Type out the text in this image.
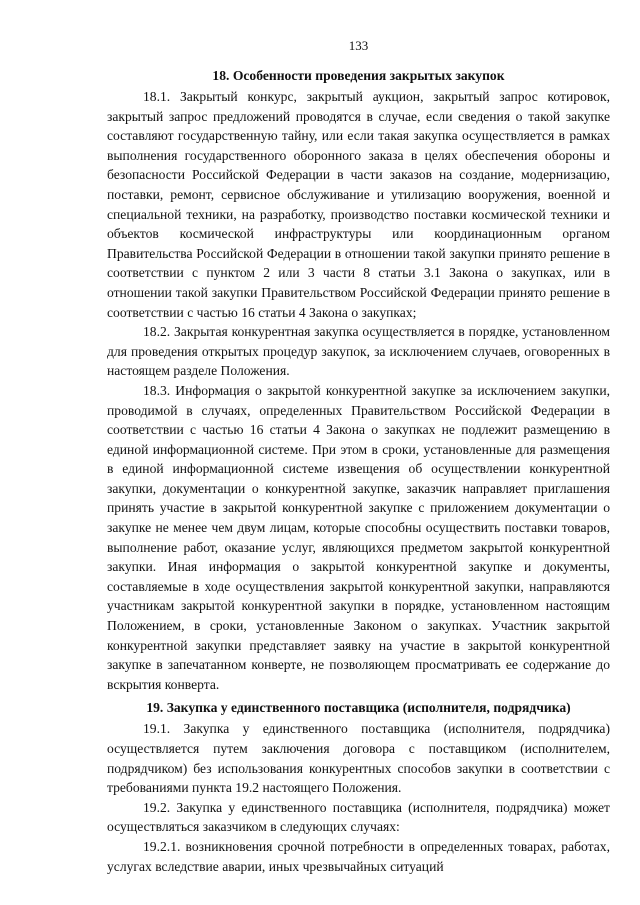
133
18. Особенности проведения закрытых закупок

18.1. Закрытый конкурс, закрытый аукцион, закрытый запрос котировок, закрытый запрос предложений проводятся в случае, если сведения о такой закупке составляют государственную тайну, или если такая закупка осуществляется в рамках выполнения государственного оборонного заказа в целях обеспечения обороны и безопасности Российской Федерации в части заказов на создание, модернизацию, поставки, ремонт, сервисное обслуживание и утилизацию вооружения, военной и специальной техники, на разработку, производство поставки космической техники и объектов космической инфраструктуры или координационным органом Правительства Российской Федерации в отношении такой закупки принято решение в соответствии с пунктом 2 или 3 части 8 статьи 3.1 Закона о закупках, или в отношении такой закупки Правительством Российской Федерации принято решение в соответствии с частью 16 статьи 4 Закона о закупках;

18.2. Закрытая конкурентная закупка осуществляется в порядке, установленном для проведения открытых процедур закупок, за исключением случаев, оговоренных в настоящем разделе Положения.

18.3. Информация о закрытой конкурентной закупке за исключением закупки, проводимой в случаях, определенных Правительством Российской Федерации в соответствии с частью 16 статьи 4 Закона о закупках не подлежит размещению в единой информационной системе. При этом в сроки, установленные для размещения в единой информационной системе извещения об осуществлении конкурентной закупки, документации о конкурентной закупке, заказчик направляет приглашения принять участие в закрытой конкурентной закупке с приложением документации о закупке не менее чем двум лицам, которые способны осуществить поставки товаров, выполнение работ, оказание услуг, являющихся предметом закрытой конкурентной закупки. Иная информация о закрытой конкурентной закупке и документы, составляемые в ходе осуществления закрытой конкурентной закупки, направляются участникам закрытой конкурентной закупки в порядке, установленном настоящим Положением, в сроки, установленные Законом о закупках. Участник закрытой конкурентной закупки представляет заявку на участие в закрытой конкурентной закупке в запечатанном конверте, не позволяющем просматривать ее содержание до вскрытия конверта.

19. Закупка у единственного поставщика (исполнителя, подрядчика)

19.1. Закупка у единственного поставщика (исполнителя, подрядчика) осуществляется путем заключения договора с поставщиком (исполнителем, подрядчиком) без использования конкурентных способов закупки в соответствии с требованиями пункта 19.2 настоящего Положения.

19.2. Закупка у единственного поставщика (исполнителя, подрядчика) может осуществляться заказчиком в следующих случаях:

19.2.1. возникновения срочной потребности в определенных товарах, работах, услугах вследствие аварии, иных чрезвычайных ситуаций
